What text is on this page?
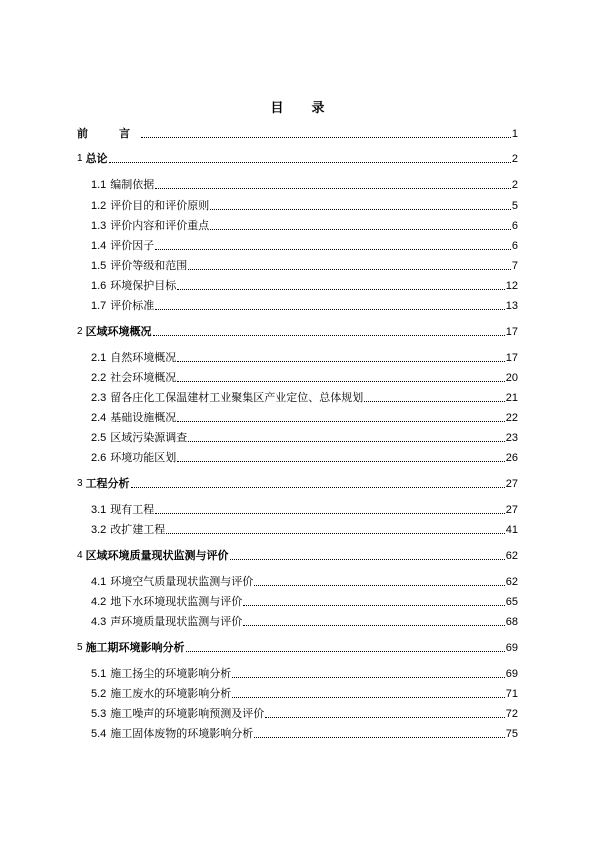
目 录
前　言	1
1 总论	2
1.1 编制依据	2
1.2 评价目的和评价原则	5
1.3 评价内容和评价重点	6
1.4 评价因子	6
1.5 评价等级和范围	7
1.6 环境保护目标	12
1.7 评价标准	13
2 区域环境概况	17
2.1 自然环境概况	17
2.2 社会环境概况	20
2.3 留各庄化工保温建材工业聚集区产业定位、总体规划	21
2.4 基础设施概况	22
2.5 区域污染源调查	23
2.6 环境功能区划	26
3 工程分析	27
3.1 现有工程	27
3.2 改扩建工程	41
4 区域环境质量现状监测与评价	62
4.1 环境空气质量现状监测与评价	62
4.2 地下水环境现状监测与评价	65
4.3 声环境质量现状监测与评价	68
5 施工期环境影响分析	69
5.1 施工扬尘的环境影响分析	69
5.2 施工废水的环境影响分析	71
5.3 施工噪声的环境影响预测及评价	72
5.4 施工固体废物的环境影响分析	75
